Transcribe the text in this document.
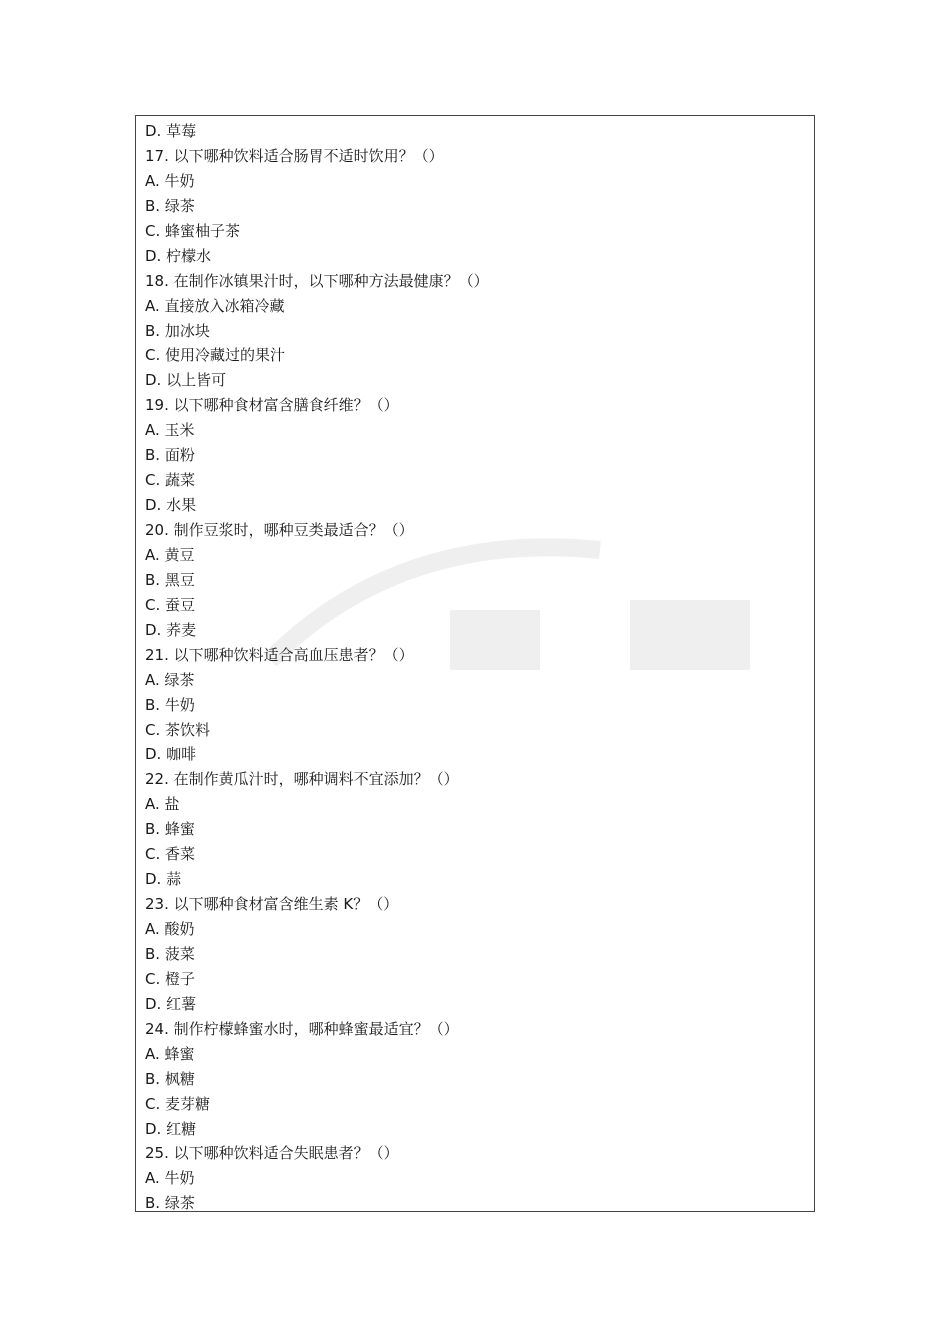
D. 草莓
17. 以下哪种饮料适合肠胃不适时饮用？（）
A. 牛奶
B. 绿茶
C. 蜂蜜柚子茶
D. 柠檬水
18. 在制作冰镇果汁时，以下哪种方法最健康？（）
A. 直接放入冰箱冷藏
B. 加冰块
C. 使用冷藏过的果汁
D. 以上皆可
19. 以下哪种食材富含膳食纤维？（）
A. 玉米
B. 面粉
C. 蔬菜
D. 水果
20. 制作豆浆时，哪种豆类最适合？（）
A. 黄豆
B. 黑豆
C. 蚕豆
D. 荞麦
21. 以下哪种饮料适合高血压患者？（）
A. 绿茶
B. 牛奶
C. 茶饮料
D. 咖啡
22. 在制作黄瓜汁时，哪种调料不宜添加？（）
A. 盐
B. 蜂蜜
C. 香菜
D. 蒜
23. 以下哪种食材富含维生素 K？（）
A. 酸奶
B. 菠菜
C. 橙子
D. 红薯
24. 制作柠檬蜂蜜水时，哪种蜂蜜最适宜？（）
A. 蜂蜜
B. 枫糖
C. 麦芽糖
D. 红糖
25. 以下哪种饮料适合失眠患者？（）
A. 牛奶
B. 绿茶
